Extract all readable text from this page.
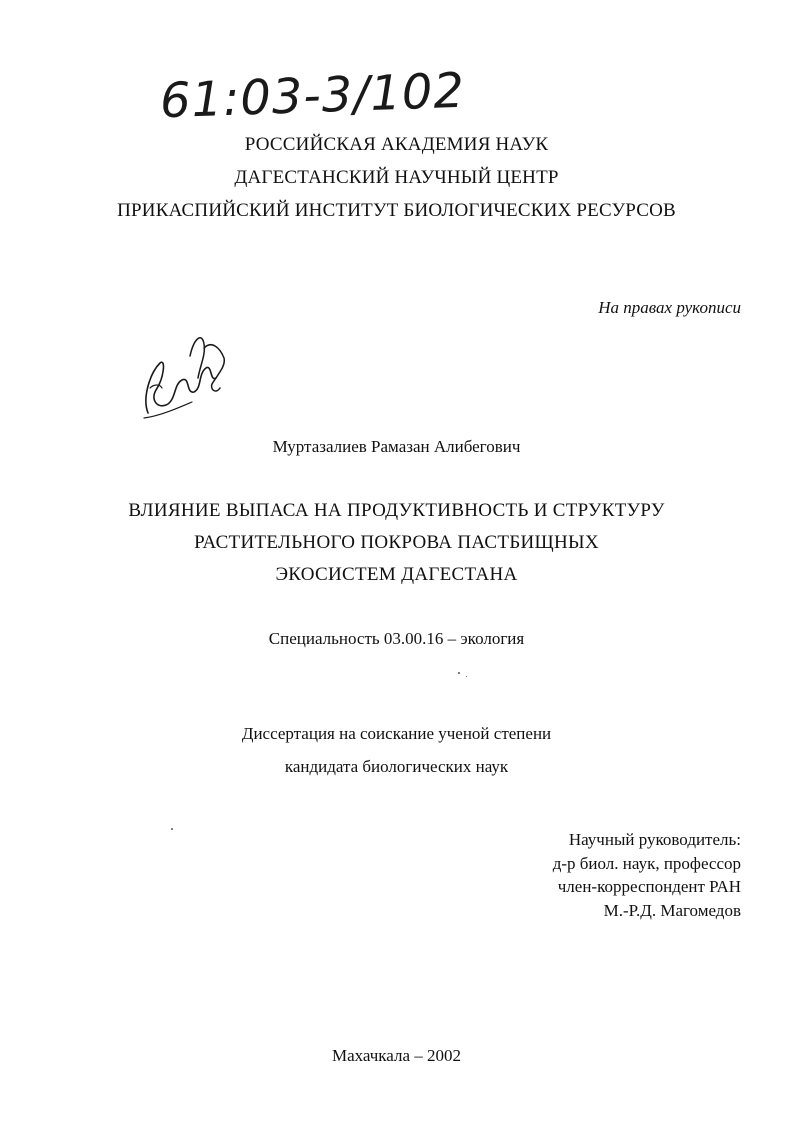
61:03-3/102
РОССИЙСКАЯ АКАДЕМИЯ НАУК
ДАГЕСТАНСКИЙ НАУЧНЫЙ ЦЕНТР
ПРИКАСПИЙСКИЙ ИНСТИТУТ БИОЛОГИЧЕСКИХ РЕСУРСОВ
На правах рукописи
Муртазалиев Рамазан Алибегович
ВЛИЯНИЕ ВЫПАСА НА ПРОДУКТИВНОСТЬ И СТРУКТУРУ
РАСТИТЕЛЬНОГО ПОКРОВА ПАСТБИЩНЫХ
ЭКОСИСТЕМ ДАГЕСТАНА
Специальность 03.00.16 – экология
Диссертация на соискание ученой степени
кандидата биологических наук
Научный руководитель:
д-р биол. наук, профессор
член-корреспондент РАН
М.-Р.Д. Магомедов
Махачкала – 2002
